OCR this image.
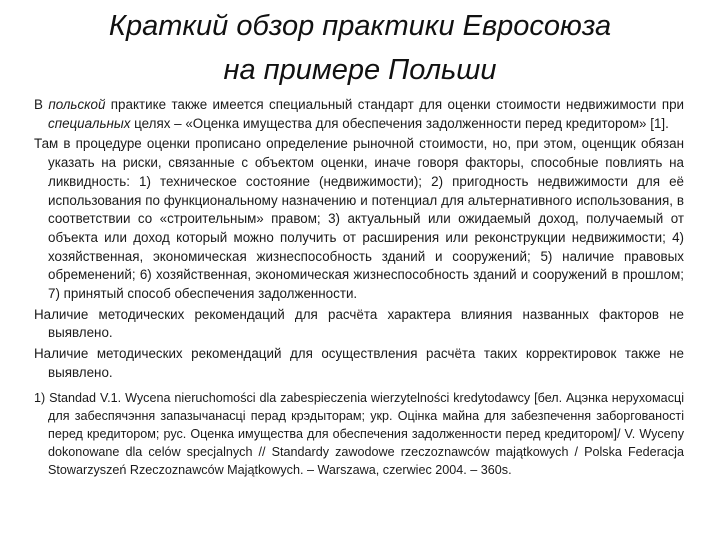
Краткий обзор практики Евросоюза
на примере Польши

В польской практике также имеется специальный стандарт для оценки стоимости недвижимости при специальных целях – «Оценка имущества для обеспечения задолженности перед кредитором» [1].

Там в процедуре оценки прописано определение рыночной стоимости, но, при этом, оценщик обязан указать на риски, связанные с объектом оценки, иначе говоря факторы, способные повлиять на ликвидность: 1) техническое состояние (недвижимости); 2) пригодность недвижимости для её использования по функциональному назначению и потенциал для альтернативного использования, в соответствии со «строительным» правом; 3) актуальный или ожидаемый доход, получаемый от объекта или доход который можно получить от расширения или реконструкции недвижимости; 4) хозяйственная, экономическая жизнеспособность зданий и сооружений; 5) наличие правовых обременений; 6) хозяйственная, экономическая жизнеспособность зданий и сооружений в прошлом; 7) принятый способ обеспечения задолженности.

Наличие методических рекомендаций для расчёта характера влияния названных факторов не выявлено.

Наличие методических рекомендаций для осуществления расчёта таких корректировок также не выявлено.

1) Standad V.1. Wycena nieruchomości dla zabespieczenia wierzytelności kredytodawcy [бел. Ацэнка нерухомасці для забеспячэння запазычанасці перад крэдыторам; укр. Оцінка майна для забезпечення заборгованості перед кредитором; рус. Оценка имущества для обеспечения задолженности перед кредитором]/ V. Wyceny dokonowane dla celów specjalnych // Standardy zawodowe rzeczoznawców majątkowych / Polska Federacja Stowarzyszeń Rzeczoznawców Majątkowych. – Warszawa, czerwiec 2004. – 360s.
